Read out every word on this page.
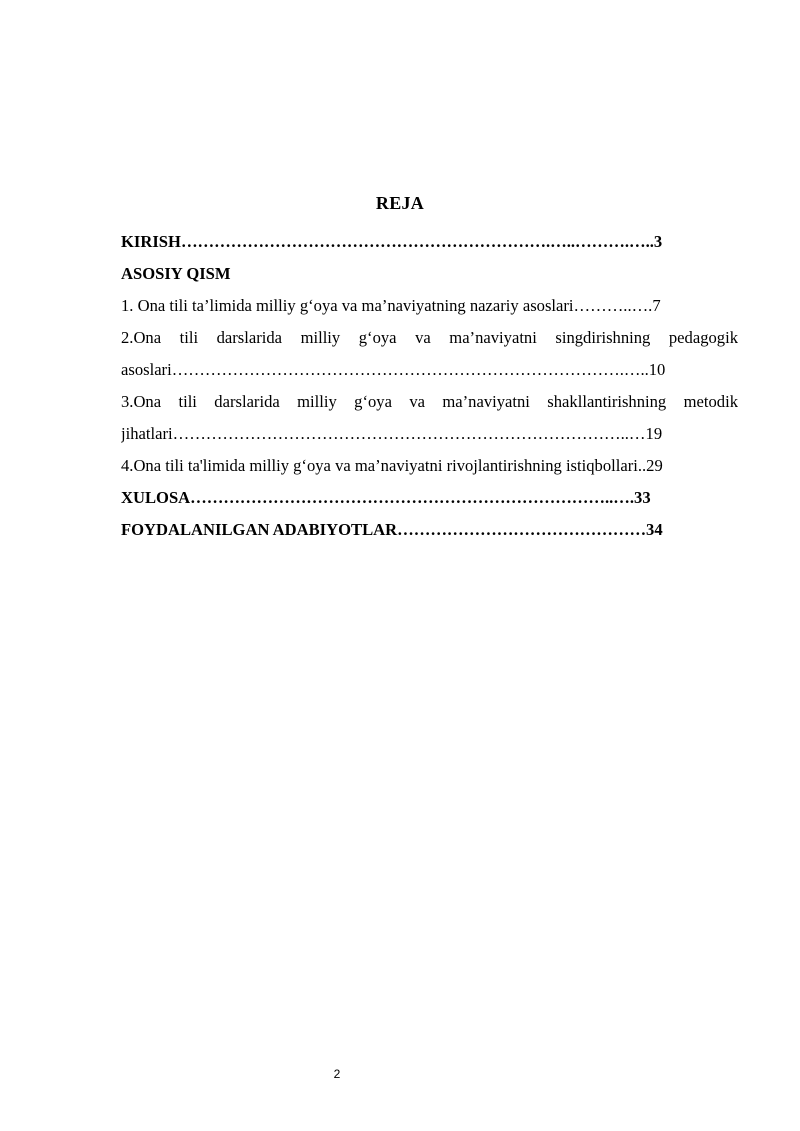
REJA
KIRISH………………………………………………………….…..……….…..3
ASOSIY QISM
1. Ona tili ta’limida milliy g‘oya va ma’naviyatning nazariy asoslari………..….7
2.Ona tili darslarida milliy g‘oya va ma’naviyatni singdirishning pedagogik
asoslari……………………………………………………………………….…..10
3.Ona tili darslarida milliy g‘oya va ma’naviyatni shakllantirishning metodik
jihatlari………………………………………………………………………..…19
4.Ona tili ta'limida milliy g‘oya va ma’naviyatni rivojlantirishning istiqbollari..29
XULOSA…………………………………………………………………..….33
FOYDALANILGAN ADABIYOTLAR………………………………………34
2
